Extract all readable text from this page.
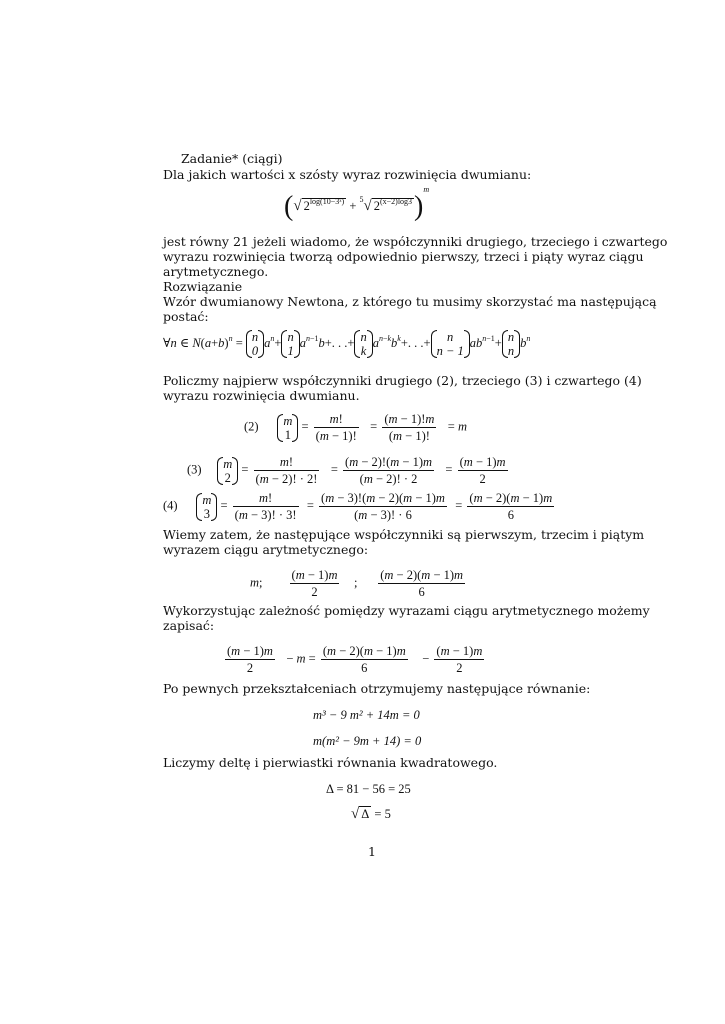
Zadanie* (ciągi)
Dla jakich wartości x szósty wyraz rozwinięcia dwumianu:
(√ $2^{log(10-3ˣ)} + ^5√$ $2^{(x-2)log3})^m$
jest równy 21 jeżeli wiadomo, że współczynniki drugiego, trzeciego i czwartego
wyrazu rozwinięcia tworzą odpowiednio pierwszy, trzeci i piąty wyraz ciągu
arytmetycznego.
Rozwiązanie
Wzór dwumianowy Newtona, z którego tu musimy skorzystać ma następującą
postać:
∀n ∈ $N(a+b)^n = n$
0
$a^n+ n$
1
$a^{n-1}b+$. . .+ n
k
$a^{n-k}b^k+$. . .+	n
n − 1
$ab^{n-1}+ n$
n
$b^n$
Policzmy najpierw współczynniki drugiego (2), trzeciego (3) i czwartego (4)
wyrazu rozwinięcia dwumianu.
(2) m
1
= $\frac{m!}{(m - 1)!} = \frac{(m - 1)!m}{(m - 1)!} = m$
(3) m
2
= $\frac{m!}{(m - 2)! \cdot 2!} = \frac{(m - 2)!(m - 1)m}{(m - 2)! \cdot 2} = \frac{(m - 1)m}{2}$
(4) m
3
= $\frac{m!}{(m - 3)! \cdot 3!} = \frac{(m - 3)!(m - 2)(m - 1)m}{(m - 3)! \cdot 6} = \frac{(m - 2)(m - 1)m}{6}$
Wiemy zatem, że następujące współczynniki są pierwszym, trzecim i piątym
wyrazem ciągu arytmetycznego:
m; $\frac{(m - 1)m}{2}$ ; $\frac{(m - 2)(m - 1)m}{6}$
Wykorzystując zależność pomiędzy wyrazami ciągu arytmetycznego możemy
zapisać:
$\frac{(m - 1)m}{2} - m = \frac{(m - 2)(m - 1)m}{6} - \frac{(m - 1)m}{2}$
Po pewnych przekształceniach otrzymujemy następujące równanie:
m³ − 9 m² + 14m = 0
m(m² − 9m + 14) = 0
Liczymy deltę i pierwiastki równania kwadratowego.
Δ = 81 − 56 = 25
√ Δ = 5
1
